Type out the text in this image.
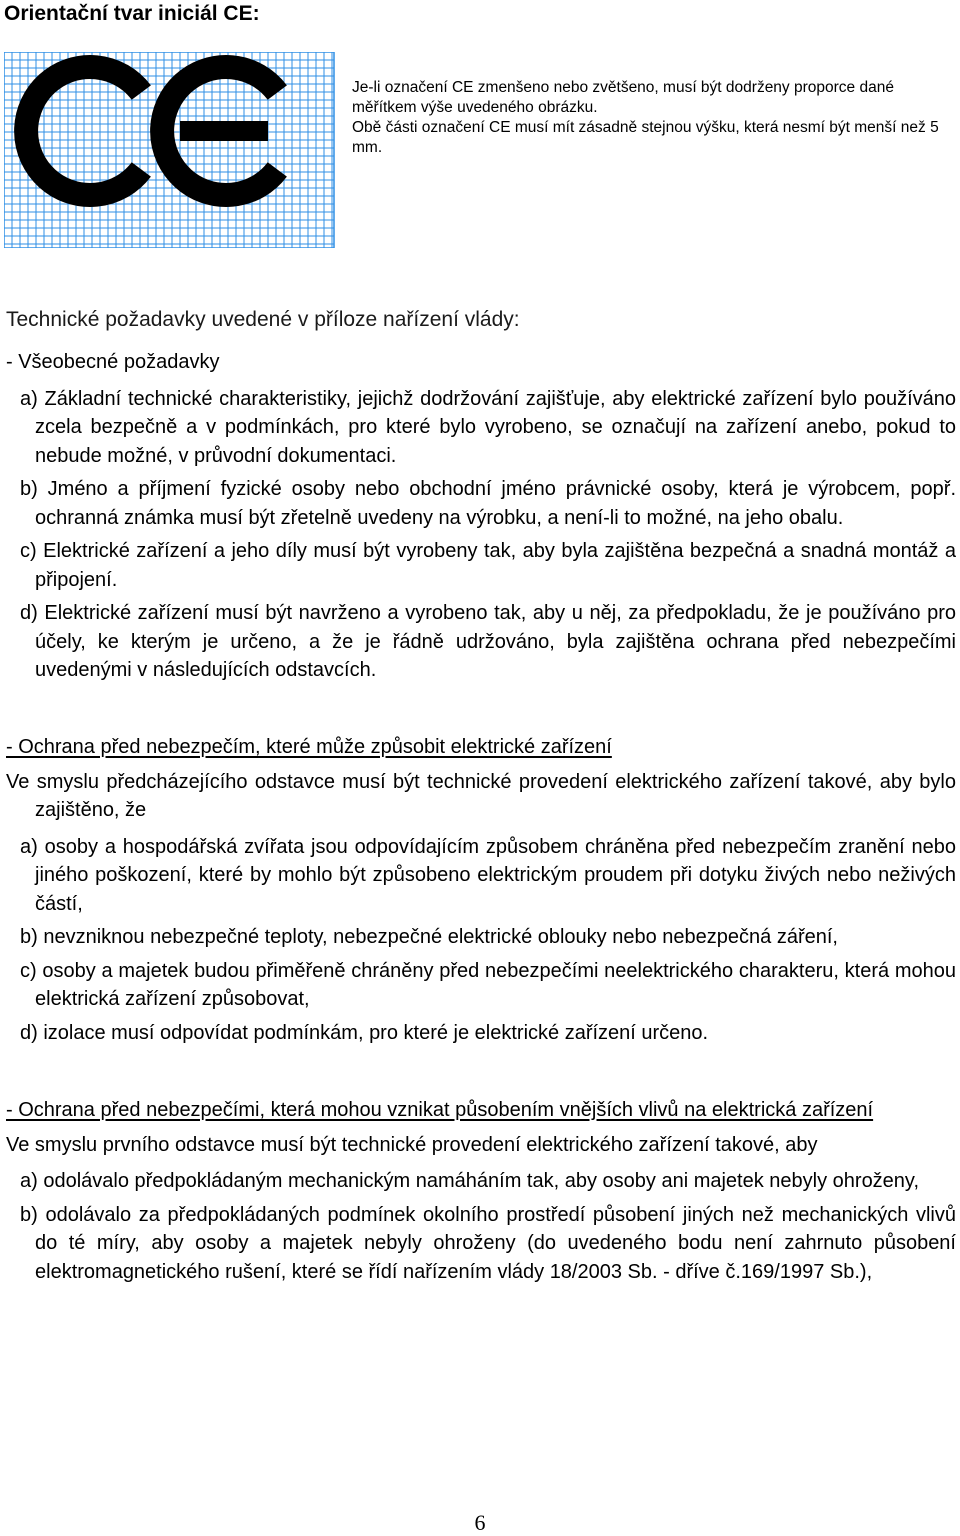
Orientační tvar iniciál CE:
CE

Je-li označení CE zmenšeno nebo zvětšeno, musí být dodrženy proporce dané měřítkem výše uvedeného obrázku.

Obě části označení CE musí mít zásadně stejnou výšku, která nesmí být menší než 5 mm.

Technické požadavky uvedené v příloze nařízení vlády:

- Všeobecné požadavky

a) Základní technické charakteristiky, jejichž dodržování zajišťuje, aby elektrické zařízení bylo používáno zcela bezpečně a v podmínkách, pro které bylo vyrobeno, se označují na zařízení anebo, pokud to nebude možné, v průvodní dokumentaci.

b) Jméno a příjmení fyzické osoby nebo obchodní jméno právnické osoby, která je výrobcem, popř. ochranná známka musí být zřetelně uvedeny na výrobku, a není-li to možné, na jeho obalu.

c) Elektrické zařízení a jeho díly musí být vyrobeny tak, aby byla zajištěna bezpečná a snadná montáž a připojení.

d) Elektrické zařízení musí být navrženo a vyrobeno tak, aby u něj, za předpokladu, že je používáno pro účely, ke kterým je určeno, a že je řádně udržováno, byla zajištěna ochrana před nebezpečími uvedenými v následujících odstavcích.

- Ochrana před nebezpečím, které může způsobit elektrické zařízení

Ve smyslu předcházejícího odstavce musí být technické provedení elektrického zařízení takové, aby bylo zajištěno, že

a) osoby a hospodářská zvířata jsou odpovídajícím způsobem chráněna před nebezpečím zranění nebo jiného poškození, které by mohlo být způsobeno elektrickým proudem při dotyku živých nebo neživých částí,

b) nevzniknou nebezpečné teploty, nebezpečné elektrické oblouky nebo nebezpečná záření,

c) osoby a majetek budou přiměřeně chráněny před nebezpečími neelektrického charakteru, která mohou elektrická zařízení způsobovat,

d) izolace musí odpovídat podmínkám, pro které je elektrické zařízení určeno.

- Ochrana před nebezpečími, která mohou vznikat působením vnějších vlivů na elektrická zařízení

Ve smyslu prvního odstavce musí být technické provedení elektrického zařízení takové, aby

a) odolávalo předpokládaným mechanickým namáháním tak, aby osoby ani majetek nebyly ohroženy,

b) odolávalo za předpokládaných podmínek okolního prostředí působení jiných než mechanických vlivů do té míry, aby osoby a majetek nebyly ohroženy (do uvedeného bodu není zahrnuto působení elektromagnetického rušení, které se řídí nařízením vlády 18/2003 Sb. - dříve č.169/1997 Sb.),

6
